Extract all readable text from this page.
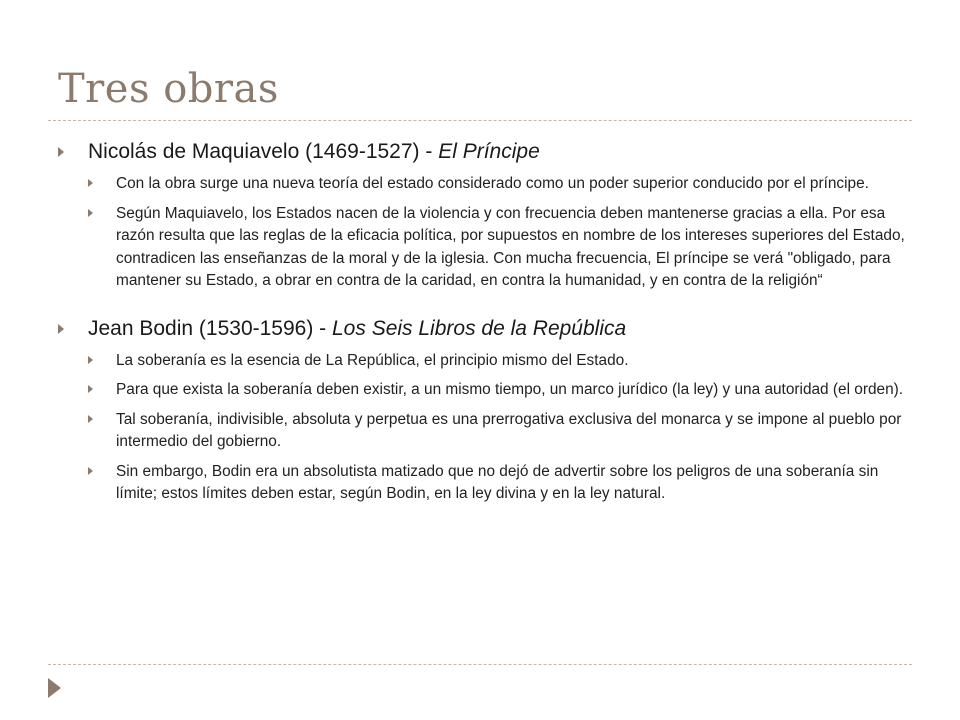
Tres obras
Nicolás de Maquiavelo (1469-1527) - El Príncipe
Con la obra surge una nueva teoría del estado considerado como un poder superior conducido por el príncipe.
Según Maquiavelo, los Estados nacen de la violencia y con frecuencia deben mantenerse gracias a ella. Por esa razón resulta que las reglas de la eficacia política, por supuestos en nombre de los intereses superiores del Estado, contradicen las enseñanzas de la moral y de la iglesia. Con mucha frecuencia, El príncipe se verá "obligado, para mantener su Estado, a obrar en contra de la caridad, en contra la humanidad, y en contra de la religión“
Jean Bodin (1530-1596) - Los Seis Libros de la República
La soberanía es la esencia de La República, el principio mismo del Estado.
Para que exista la soberanía deben existir, a un mismo tiempo, un marco jurídico (la ley) y una autoridad (el orden).
Tal soberanía, indivisible, absoluta y perpetua es una prerrogativa exclusiva del monarca y se impone al pueblo por intermedio del gobierno.
Sin embargo, Bodin era un absolutista matizado que no dejó de advertir sobre los peligros de una soberanía sin límite; estos límites deben estar, según Bodin, en la ley divina y en la ley natural.
